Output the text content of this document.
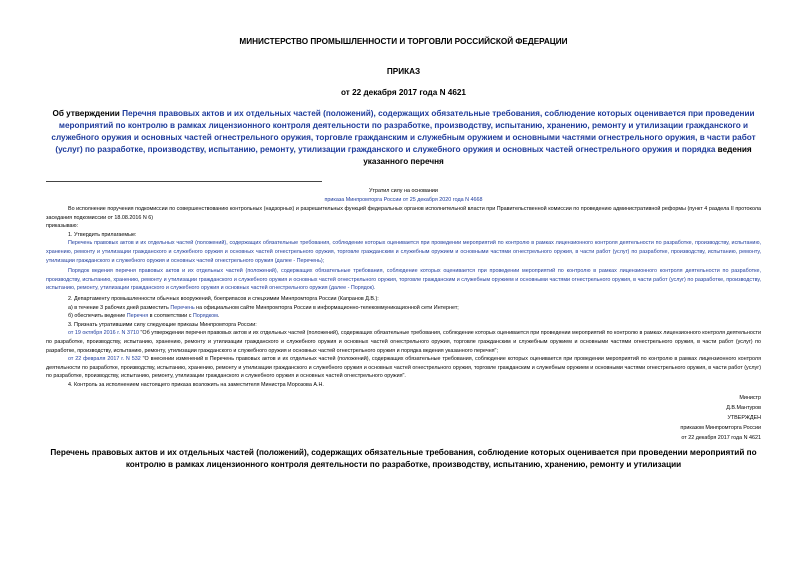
МИНИСТЕРСТВО ПРОМЫШЛЕННОСТИ И ТОРГОВЛИ РОССИЙСКОЙ ФЕДЕРАЦИИ
ПРИКАЗ
от 22 декабря 2017 года N 4621
Об утверждении Перечня правовых актов и их отдельных частей (положений), содержащих обязательные требования, соблюдение которых оценивается при проведении мероприятий по контролю в рамках лицензионного контроля деятельности по разработке, производству, испытанию, хранению, ремонту и утилизации гражданского и служебного оружия и основных частей огнестрельного оружия, торговле гражданским и служебным оружием и основными частями огнестрельного оружия, в части работ (услуг) по разработке, производству, испытанию, ремонту, утилизации гражданского и служебного оружия и основных частей огнестрельного оружия и порядка ведения указанного перечня
Утратил силу на основании
приказа Минпромторга России от 25 декабря 2020 года N 4668

Во исполнение поручения подкомиссии по совершенствованию контрольных (надзорных) и разрешительных функций федеральных органов исполнительной власти при Правительственной комиссии по проведению административной реформы (пункт 4 раздела II протокола заседания подкомиссии от 18.08.2016 N 6)

приказываю:

1. Утвердить прилагаемые:

Перечень правовых актов и их отдельных частей (положений), содержащих обязательные требования, соблюдение которых оценивается при проведении мероприятий по контролю в рамках лицензионного контроля деятельности по разработке, производству, испытанию, хранению, ремонту и утилизации гражданского и служебного оружия и основных частей огнестрельного оружия, торговле гражданским и служебным оружием и основными частями огнестрельного оружия, в части работ (услуг) по разработке, производству, испытанию, ремонту, утилизации гражданского и служебного оружия и основных частей огнестрельного оружия (далее - Перечень);

Порядок ведения перечня правовых актов и их отдельных частей (положений), содержащих обязательные требования, соблюдение которых оценивается при проведении мероприятий по контролю в рамках лицензионного контроля деятельности по разработке, производству, испытанию, хранению, ремонту и утилизации гражданского и служебного оружия и основных частей огнестрельного оружия, торговле гражданским и служебным оружием и основными частями огнестрельного оружия, в части работ (услуг) по разработке, производству, испытанию, ремонту, утилизации гражданского и служебного оружия и основных частей огнестрельного оружия (далее - Порядок).

2. Департаменту промышленности обычных вооружений, боеприпасов и спецхимии Минпромторга России (Капранов Д.В.):

а) в течение 3 рабочих дней разместить Перечень на официальном сайте Минпромторга России в информационно-телекоммуникационной сети Интернет;

б) обеспечить ведение Перечня в соответствии с Порядком.

3. Признать утратившими силу следующие приказы Минпромторга России:

от 19 октября 2016 г. N 3710 "Об утверждении перечня правовых актов и их отдельных частей (положений), содержащих обязательные требования, соблюдение которых оценивается при проведении мероприятий по контролю в рамках лицензионного контроля деятельности по разработке, производству, испытанию, хранению, ремонту и утилизации гражданского и служебного оружия и основных частей огнестрельного оружия, торговле гражданским и служебным оружием и основными частями огнестрельного оружия, в части работ (услуг) по разработке, производству, испытанию, ремонту, утилизации гражданского и служебного оружия и основных частей огнестрельного оружия и порядка ведения указанного перечня";

от 22 февраля 2017 г. N 532 "О внесении изменений в Перечень правовых актов и их отдельных частей (положений), содержащих обязательные требования, соблюдение которых оценивается при проведении мероприятий по контролю в рамках лицензионного контроля деятельности по разработке, производству, испытанию, хранению, ремонту и утилизации гражданского и служебного оружия и основных частей огнестрельного оружия, торговле гражданским и служебным оружием и основными частями огнестрельного оружия, в части работ (услуг) по разработке, производству, испытанию, ремонту, утилизации гражданского и служебного оружия и основных частей огнестрельного оружия".

4. Контроль за исполнением настоящего приказа возложить на заместителя Министра Морозова А.Н.

Министр
Д.В.Мантуров
УТВЕРЖДЕН
приказом Минпромторга России
от 22 декабря 2017 года N 4621
Перечень правовых актов и их отдельных частей (положений), содержащих обязательные требования, соблюдение которых оценивается при проведении мероприятий по контролю в рамках лицензионного контроля деятельности по разработке, производству, испытанию, хранению, ремонту и утилизации
